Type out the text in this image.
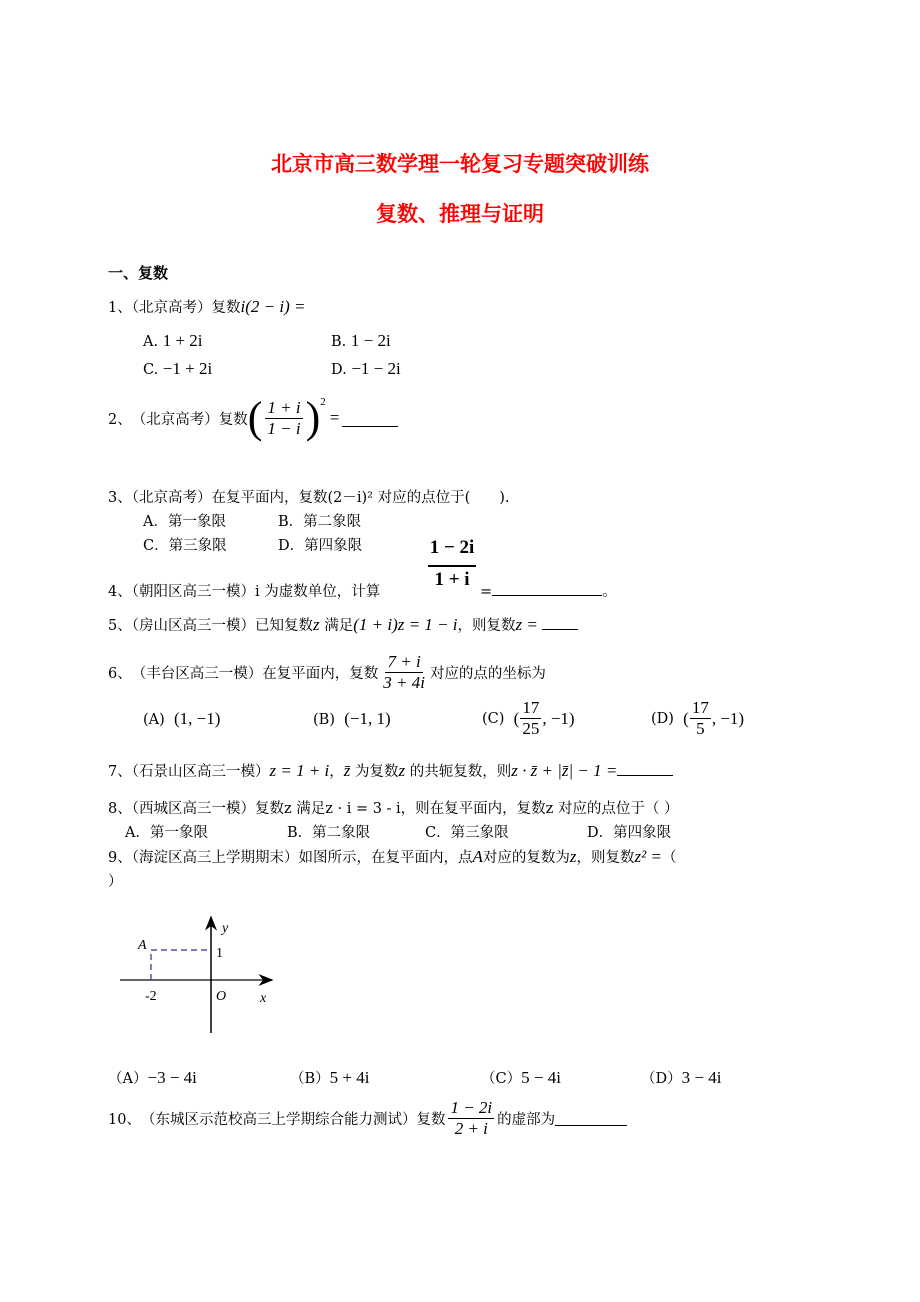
北京市高三数学理一轮复习专题突破训练
复数、推理与证明
一、复数
1、（北京高考）复数i(2 − i) =
A. 1 + 2i	B. 1 − 2i
C. −1 + 2i	D. −1 − 2i
2、 （北京高考） 复数 ( $\frac{1 + i}{1 - i} )^2$
=
3、（北京高考）在复平面内，复数(2－i)² 对应的点位于(　　).
A．第一象限	B．第二象限
C．第三象限	D．第四象限
4、（朝阳区高三一模）i 为虚数单位，计算
1 − 2i
1 + i
=	。
5、（房山区高三一模）已知复数z 满足(1 + i)z = 1 − i，则复数z =
6、 （丰台区高三一模） 在复平面内，复数 $\frac{7 + i}{3 + 4i}$ 对应的点的坐标为
(A) (1, −1)	(B) (−1, 1)	(C)
( $\frac{17}{25}$ , −1)	(D)
( $\frac{17}{5}$ , −1)
7、（石景山区高三一模）z = 1 + i，z̄ 为复数z 的共轭复数，则z · z̄ + |z̄| − 1 =
8、（西城区高三一模）复数z 满足z · i = 3 - i，则在复平面内，复数z 对应的点位于（ ）
A．第一象限	B．第二象限	C．第三象限	D．第四象限
9、（海淀区高三上学期期末）如图所示，在复平面内，点A对应的复数为z，则复数z² =（
）
y
A
1
-2	O x
（A）−3 − 4i	（B）5 + 4i	（C）5 − 4i	（D）3 − 4i
10、 （东城区示范校高三上学期综合能力测试） 复数 $\frac{1 - 2i}{2 + i}$ 的虚部为
